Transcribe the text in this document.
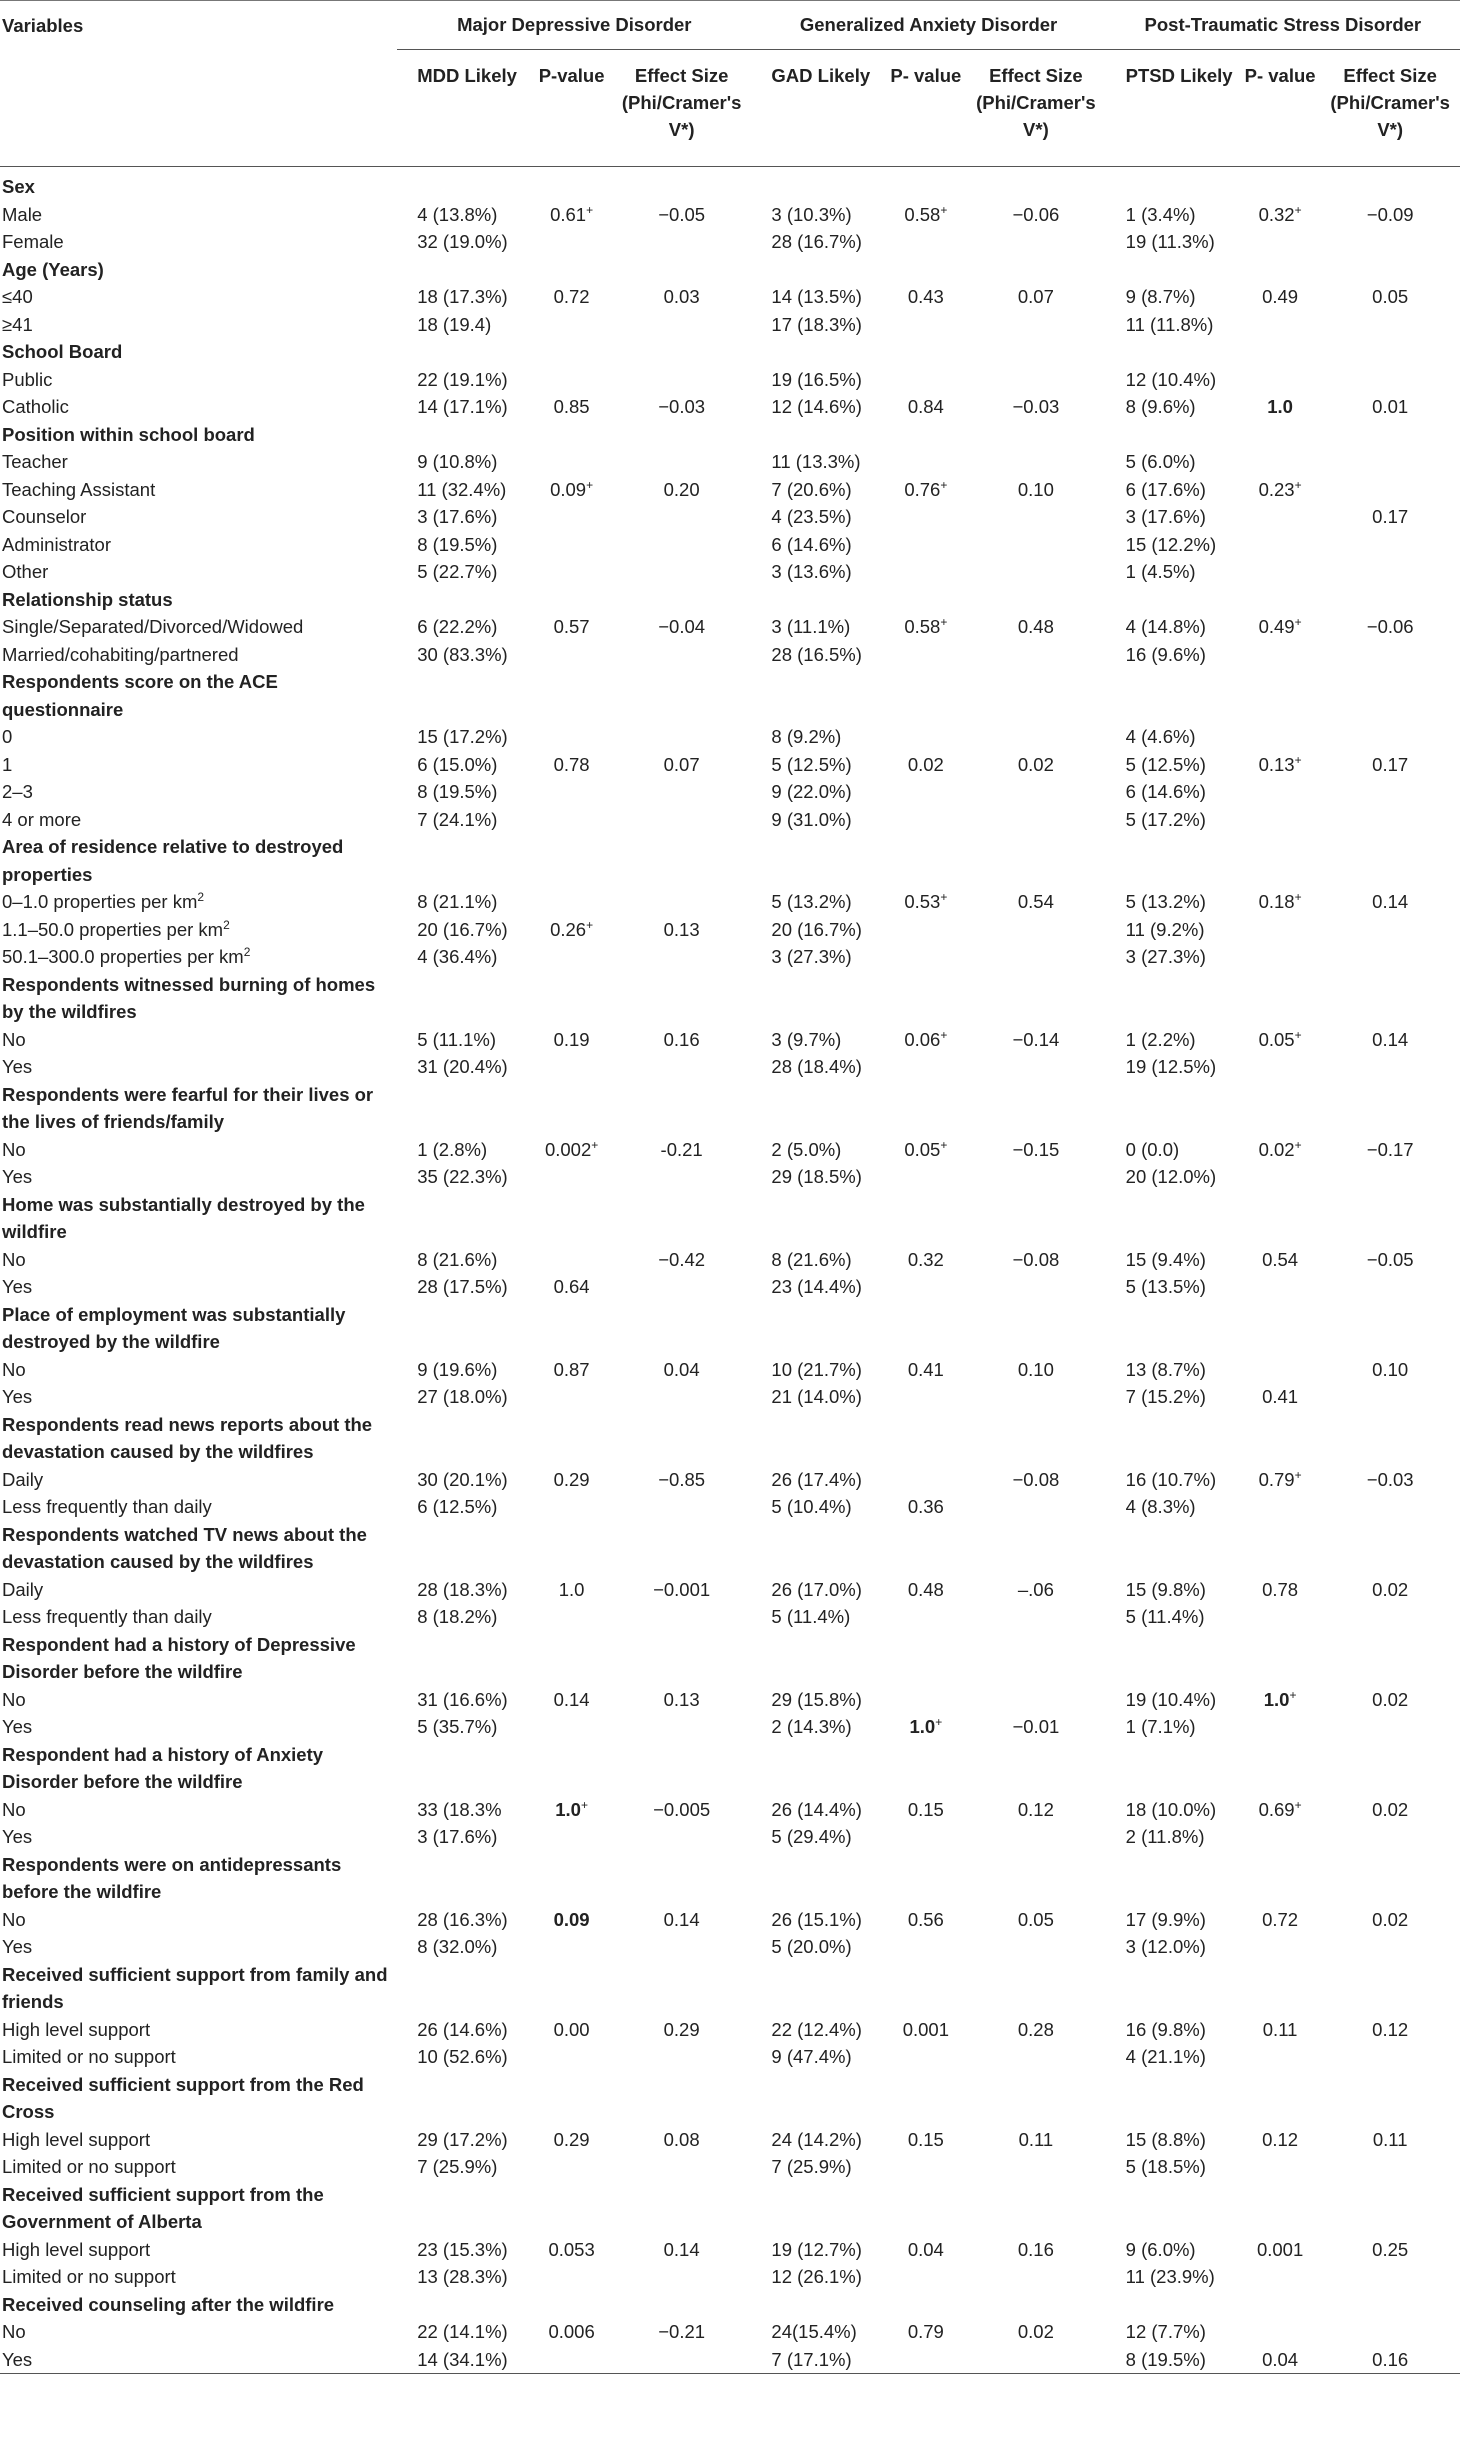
Variables	Major Depressive Disorder			Generalized Anxiety Disorder			Post-Traumatic Stress Disorder		
	MDD Likely	P-value	Effect Size (Phi/Cramer's V*)	GAD Likely	P- value	Effect Size (Phi/Cramer's V*)	PTSD Likely	P- value	Effect Size (Phi/Cramer's V*)
Sex									
Male	4 (13.8%)	0.61+	−0.05	3 (10.3%)	0.58+	−0.06	1 (3.4%)	0.32+	−0.09
Female	32 (19.0%)			28 (16.7%)			19 (11.3%)		
Age (Years)									
≤40	18 (17.3%)	0.72	0.03	14 (13.5%)	0.43	0.07	9 (8.7%)	0.49	0.05
≥41	18 (19.4)			17 (18.3%)			11 (11.8%)		
School Board									
Public	22 (19.1%)			19 (16.5%)			12 (10.4%)		
Catholic	14 (17.1%)	0.85	−0.03	12 (14.6%)	0.84	−0.03	8 (9.6%)	1.0	0.01
Position within school board									
Teacher	9 (10.8%)			11 (13.3%)			5 (6.0%)		
Teaching Assistant	11 (32.4%)	0.09+	0.20	7 (20.6%)	0.76+	0.10	6 (17.6%)	0.23+	
Counselor	3 (17.6%)			4 (23.5%)			3 (17.6%)		0.17
Administrator	8 (19.5%)			6 (14.6%)			15 (12.2%)		
Other	5 (22.7%)			3 (13.6%)			1 (4.5%)		
Relationship status									
Single/Separated/Divorced/Widowed	6 (22.2%)	0.57	−0.04	3 (11.1%)	0.58+	0.48	4 (14.8%)	0.49+	−0.06
Married/cohabiting/partnered	30 (83.3%)			28 (16.5%)			16 (9.6%)		
Respondents score on the ACE questionnaire									
0	15 (17.2%)			8 (9.2%)			4 (4.6%)		
1	6 (15.0%)	0.78	0.07	5 (12.5%)	0.02	0.02	5 (12.5%)	0.13+	0.17
2–3	8 (19.5%)			9 (22.0%)			6 (14.6%)		
4 or more	7 (24.1%)			9 (31.0%)			5 (17.2%)		
Area of residence relative to destroyed properties									
0–1.0 properties per $km^2$	8 (21.1%)			5 (13.2%)	0.53+	0.54	5 (13.2%)	0.18+	0.14
1.1–50.0 properties per $km^2$	20 (16.7%)	0.26+	0.13	20 (16.7%)			11 (9.2%)		
50.1–300.0 properties per $km^2$	4 (36.4%)			3 (27.3%)			3 (27.3%)		
Respondents witnessed burning of homes by the wildfires									
No	5 (11.1%)	0.19	0.16	3 (9.7%)	0.06+	−0.14	1 (2.2%)	0.05+	0.14
Yes	31 (20.4%)			28 (18.4%)			19 (12.5%)		
Respondents were fearful for their lives or the lives of friends/family									
No	1 (2.8%)	0.002+	-0.21	2 (5.0%)	0.05+	−0.15	0 (0.0)	0.02+	−0.17
Yes	35 (22.3%)			29 (18.5%)			20 (12.0%)		
Home was substantially destroyed by the wildfire									
No	8 (21.6%)		−0.42	8 (21.6%)	0.32	−0.08	15 (9.4%)	0.54	−0.05
Yes	28 (17.5%)	0.64		23 (14.4%)			5 (13.5%)		
Place of employment was substantially destroyed by the wildfire									
No	9 (19.6%)	0.87	0.04	10 (21.7%)	0.41	0.10	13 (8.7%)		0.10
Yes	27 (18.0%)			21 (14.0%)			7 (15.2%)	0.41	
Respondents read news reports about the devastation caused by the wildfires									
Daily	30 (20.1%)	0.29	−0.85	26 (17.4%)		−0.08	16 (10.7%)	0.79+	−0.03
Less frequently than daily	6 (12.5%)			5 (10.4%)	0.36		4 (8.3%)		
Respondents watched TV news about the devastation caused by the wildfires									
Daily	28 (18.3%)	1.0	−0.001	26 (17.0%)	0.48	–.06	15 (9.8%)	0.78	0.02
Less frequently than daily	8 (18.2%)			5 (11.4%)			5 (11.4%)		
Respondent had a history of Depressive Disorder before the wildfire									
No	31 (16.6%)	0.14	0.13	29 (15.8%)			19 (10.4%)	1.0+	0.02
Yes	5 (35.7%)			2 (14.3%)	1.0+	−0.01	1 (7.1%)		
Respondent had a history of Anxiety Disorder before the wildfire									
No	33 (18.3%	1.0+	−0.005	26 (14.4%)	0.15	0.12	18 (10.0%)	0.69+	0.02
Yes	3 (17.6%)			5 (29.4%)			2 (11.8%)		
Respondents were on antidepressants before the wildfire									
No	28 (16.3%)	0.09	0.14	26 (15.1%)	0.56	0.05	17 (9.9%)	0.72	0.02
Yes	8 (32.0%)			5 (20.0%)			3 (12.0%)		
Received sufficient support from family and friends									
High level support	26 (14.6%)	0.00	0.29	22 (12.4%)	0.001	0.28	16 (9.8%)	0.11	0.12
Limited or no support	10 (52.6%)			9 (47.4%)			4 (21.1%)		
Received sufficient support from the Red Cross									
High level support	29 (17.2%)	0.29	0.08	24 (14.2%)	0.15	0.11	15 (8.8%)	0.12	0.11
Limited or no support	7 (25.9%)			7 (25.9%)			5 (18.5%)		
Received sufficient support from the Government of Alberta									
High level support	23 (15.3%)	0.053	0.14	19 (12.7%)	0.04	0.16	9 (6.0%)	0.001	0.25
Limited or no support	13 (28.3%)			12 (26.1%)			11 (23.9%)		
Received counseling after the wildfire									
No	22 (14.1%)	0.006	−0.21	24(15.4%)	0.79	0.02	12 (7.7%)		
Yes	14 (34.1%)			7 (17.1%)			8 (19.5%)	0.04	0.16
